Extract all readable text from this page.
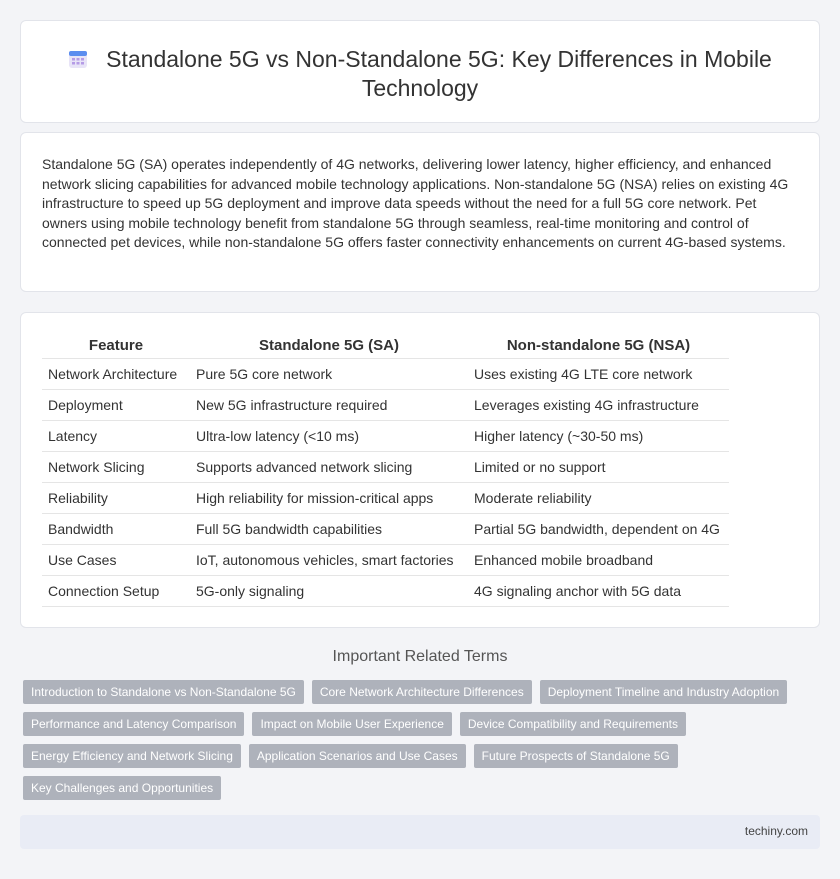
Standalone 5G vs Non-Standalone 5G: Key Differences in Mobile Technology

Standalone 5G (SA) operates independently of 4G networks, delivering lower latency, higher efficiency, and enhanced network slicing capabilities for advanced mobile technology applications. Non-standalone 5G (NSA) relies on existing 4G infrastructure to speed up 5G deployment and improve data speeds without the need for a full 5G core network. Pet owners using mobile technology benefit from standalone 5G through seamless, real-time monitoring and control of connected pet devices, while non-standalone 5G offers faster connectivity enhancements on current 4G-based systems.

Feature	Standalone 5G (SA)	Non-standalone 5G (NSA)
Network Architecture	Pure 5G core network	Uses existing 4G LTE core network
Deployment	New 5G infrastructure required	Leverages existing 4G infrastructure
Latency	Ultra-low latency (<10 ms)	Higher latency (~30-50 ms)
Network Slicing	Supports advanced network slicing	Limited or no support
Reliability	High reliability for mission-critical apps	Moderate reliability
Bandwidth	Full 5G bandwidth capabilities	Partial 5G bandwidth, dependent on 4G
Use Cases	IoT, autonomous vehicles, smart factories	Enhanced mobile broadband
Connection Setup	5G-only signaling	4G signaling anchor with 5G data
Important Related Terms
Introduction to Standalone vs Non-Standalone 5G	Core Network Architecture Differences	Deployment Timeline and Industry Adoption
Performance and Latency Comparison	Impact on Mobile User Experience	Device Compatibility and Requirements
Energy Efficiency and Network Slicing	Application Scenarios and Use Cases	Future Prospects of Standalone 5G
Key Challenges and Opportunities
techiny.com
